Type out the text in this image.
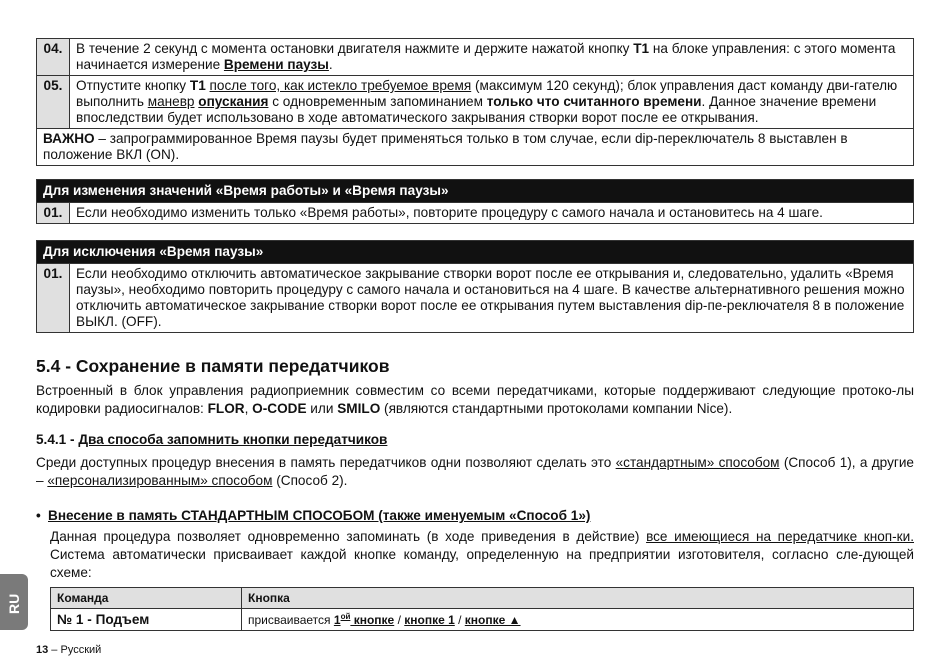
04.	В течение 2 секунд с момента остановки двигателя нажмите и держите нажатой кнопку T1 на блоке управления: с этого момента начинается измерение Времени паузы.
05.	Отпустите кнопку T1 после того, как истекло требуемое время (максимум 120 секунд); блок управления даст команду дви-гателю выполнить маневр опускания с одновременным запоминанием только что считанного времени. Данное значение времени впоследствии будет использовано в ходе автоматического закрывания створки ворот после ее открывания.
ВАЖНО – запрограммированное Время паузы будет применяться только в том случае, если dip-переключатель 8 выставлен в положение ВКЛ (ON).	
Для изменения значений «Время работы» и «Время паузы»
01.	Если необходимо изменить только «Время работы», повторите процедуру с самого начала и остановитесь на 4 шаге.
Для исключения «Время паузы»
01.	Если необходимо отключить автоматическое закрывание створки ворот после ее открывания и, следовательно, удалить «Время паузы», необходимо повторить процедуру с самого начала и остановиться на 4 шаге. В качестве альтернативного решения можно отключить автоматическое закрывание створки ворот после ее открывания путем выставления dip-пе-реключателя 8 в положение ВЫКЛ. (OFF).
5.4 - Сохранение в памяти передатчиков
Встроенный в блок управления радиоприемник совместим со всеми передатчиками, которые поддерживают следующие протоко-лы кодировки радиосигналов: FLOR, O-CODE или SMILO (являются стандартными протоколами компании Nice).
5.4.1 - Два способа запомнить кнопки передатчиков
Среди доступных процедур внесения в память передатчиков одни позволяют сделать это «стандартным» способом (Способ 1), а другие – «персонализированным» способом (Способ 2).
• Внесение в память СТАНДАРТНЫМ СПОСОБОМ (также именуемым «Способ 1»)
Данная процедура позволяет одновременно запоминать (в ходе приведения в действие) все имеющиеся на передатчике кноп-ки. Система автоматически присваивает каждой кнопке команду, определенную на предприятии изготовителя, согласно сле-дующей схеме:
Команда	Кнопка
№ 1 - Подъем	присваивается $1^{ой}$ кнопке / кнопке 1 / кнопке ▲
RU
13 – Русский
